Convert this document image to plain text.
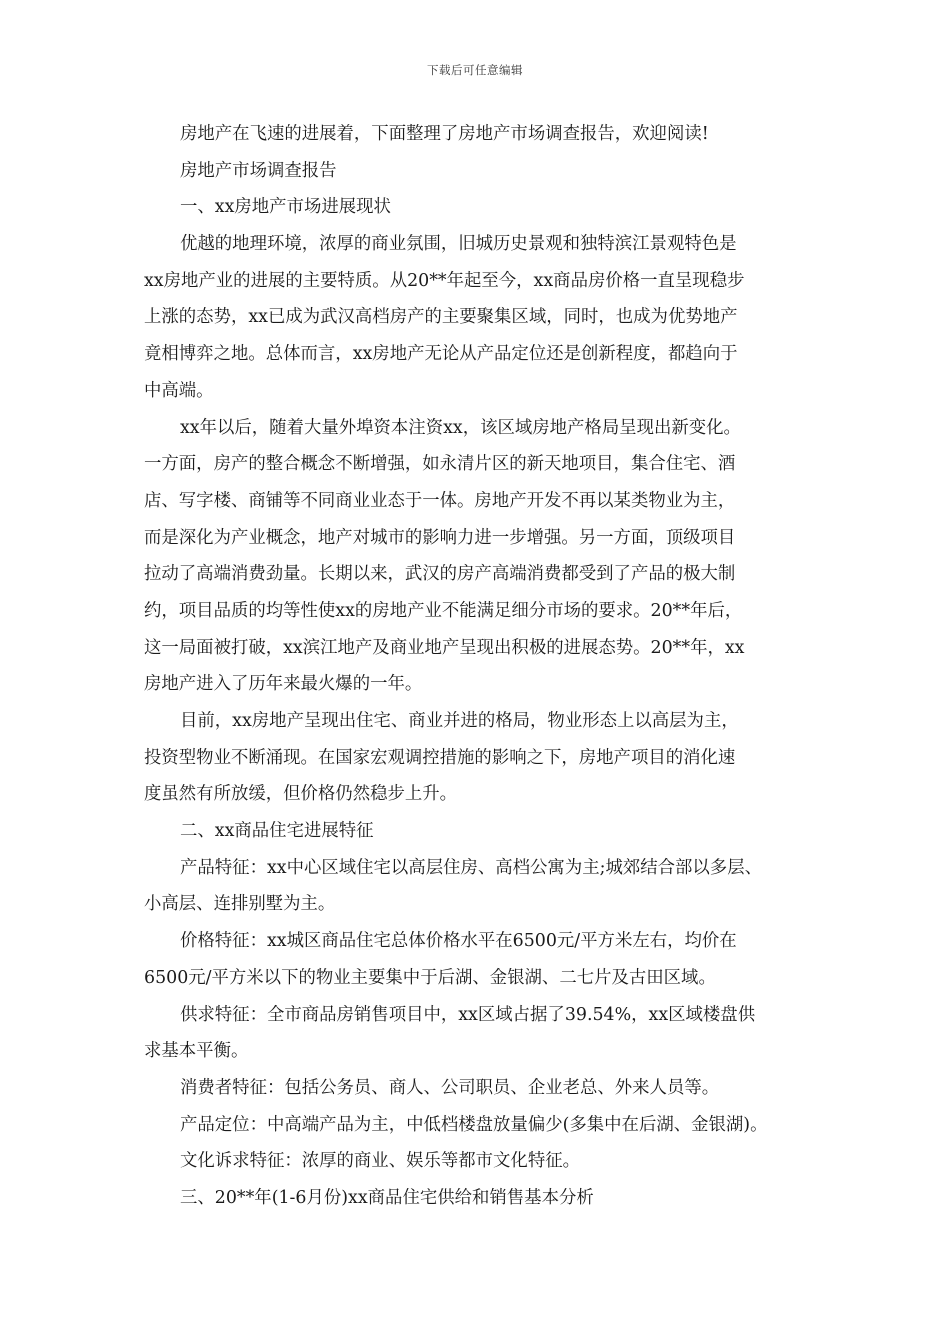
下载后可任意编辑
房地产在飞速的进展着，下面整理了房地产市场调查报告，欢迎阅读!
房地产市场调查报告
一、xx房地产市场进展现状
优越的地理环境，浓厚的商业氛围，旧城历史景观和独特滨江景观特色是
xx房地产业的进展的主要特质。从20**年起至今，xx商品房价格一直呈现稳步
上涨的态势，xx已成为武汉高档房产的主要聚集区域，同时，也成为优势地产
竟相博弈之地。总体而言，xx房地产无论从产品定位还是创新程度，都趋向于
中高端。
xx年以后，随着大量外埠资本注资xx，该区域房地产格局呈现出新变化。
一方面，房产的整合概念不断增强，如永清片区的新天地项目，集合住宅、酒
店、写字楼、商铺等不同商业业态于一体。房地产开发不再以某类物业为主，
而是深化为产业概念，地产对城市的影响力进一步增强。另一方面，顶级项目
拉动了高端消费劲量。长期以来，武汉的房产高端消费都受到了产品的极大制
约，项目品质的均等性使xx的房地产业不能满足细分市场的要求。20**年后，
这一局面被打破，xx滨江地产及商业地产呈现出积极的进展态势。20**年，xx
房地产进入了历年来最火爆的一年。
目前，xx房地产呈现出住宅、商业并进的格局，物业形态上以高层为主，
投资型物业不断涌现。在国家宏观调控措施的影响之下，房地产项目的消化速
度虽然有所放缓，但价格仍然稳步上升。
二、xx商品住宅进展特征
产品特征：xx中心区域住宅以高层住房、高档公寓为主;城郊结合部以多层、
小高层、连排别墅为主。
价格特征：xx城区商品住宅总体价格水平在6500元/平方米左右，均价在
6500元/平方米以下的物业主要集中于后湖、金银湖、二七片及古田区域。
供求特征：全市商品房销售项目中，xx区域占据了39.54%，xx区域楼盘供
求基本平衡。
消费者特征：包括公务员、商人、公司职员、企业老总、外来人员等。
产品定位：中高端产品为主，中低档楼盘放量偏少(多集中在后湖、金银湖)。
文化诉求特征：浓厚的商业、娱乐等都市文化特征。
三、20**年(1-6月份)xx商品住宅供给和销售基本分析
